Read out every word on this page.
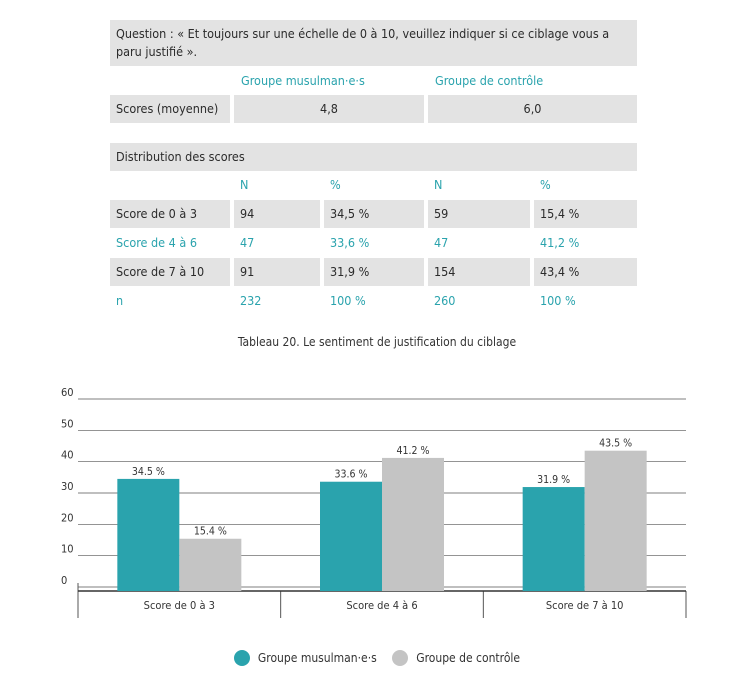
Question : « Et toujours sur une échelle de 0 à 10, veuillez indiquer si ce ciblage vous a paru justifié ».
Groupe musulman·e·s	Groupe de contrôle
Scores (moyenne)	4,8	6,0
Distribution des scores
N	%	N	%
Score de 0 à 3	94	34,5 %	59	15,4 %
Score de 4 à 6	47	33,6 %	47	41,2 %
Score de 7 à 10	91	31,9 %	154	43,4 %
n	232	100 %	260	100 %
Tableau 20. Le sentiment de justification du ciblage
0
10
20
30
40
50
60
34.5 %
15.4 %
Score de 0 à 3
33.6 %
41.2 %
Score de 4 à 6
31.9 %
43.5 %
Score de 7 à 10
Groupe musulman·e·s
	Groupe de contrôle
